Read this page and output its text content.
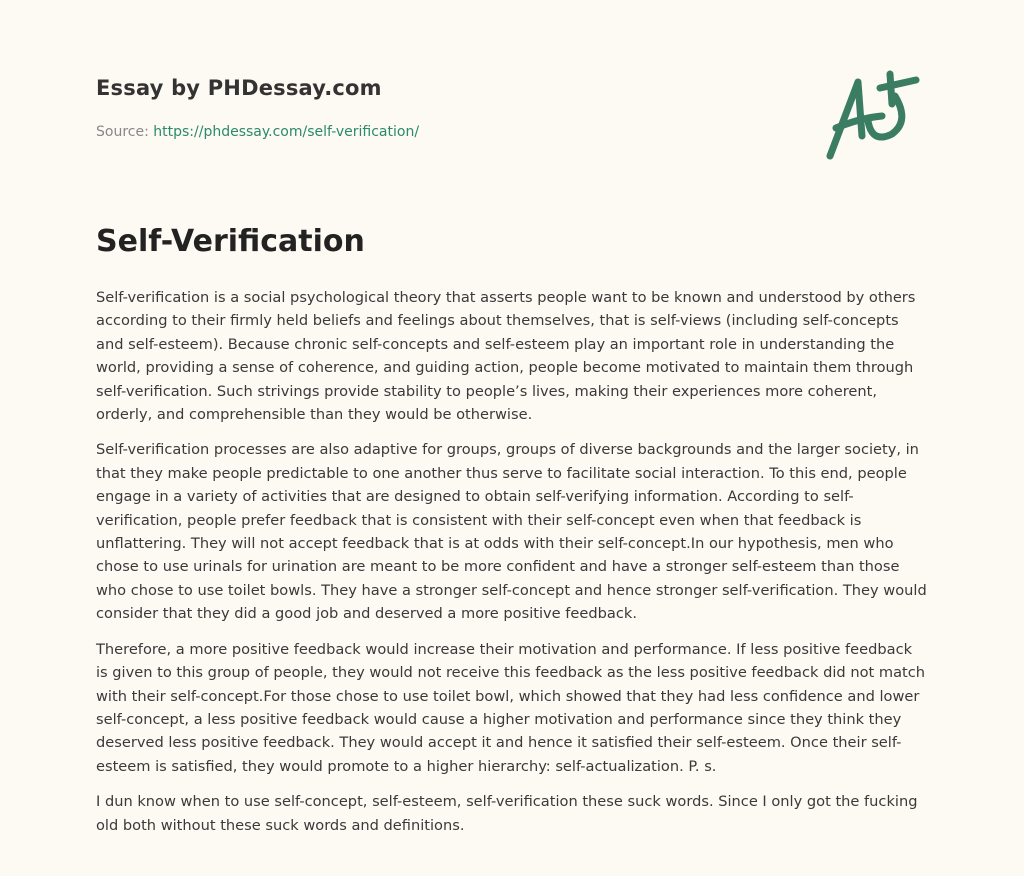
Essay by PHDessay.com
Source: https://phdessay.com/self-verification/
Self-Verification

Self-verification is a social psychological theory that asserts people want to be known and understood by others according to their firmly held beliefs and feelings about themselves, that is self-views (including self-concepts and self-esteem). Because chronic self-concepts and self-esteem play an important role in understanding the world, providing a sense of coherence, and guiding action, people become motivated to maintain them through self-verification. Such strivings provide stability to people’s lives, making their experiences more coherent, orderly, and comprehensible than they would be otherwise.

Self-verification processes are also adaptive for groups, groups of diverse backgrounds and the larger society, in that they make people predictable to one another thus serve to facilitate social interaction. To this end, people engage in a variety of activities that are designed to obtain self-verifying information. According to self-verification, people prefer feedback that is consistent with their self-concept even when that feedback is unflattering. They will not accept feedback that is at odds with their self-concept.In our hypothesis, men who chose to use urinals for urination are meant to be more confident and have a stronger self-esteem than those who chose to use toilet bowls. They have a stronger self-concept and hence stronger self-verification. They would consider that they did a good job and deserved a more positive feedback.

Therefore, a more positive feedback would increase their motivation and performance. If less positive feedback is given to this group of people, they would not receive this feedback as the less positive feedback did not match with their self-concept.For those chose to use toilet bowl, which showed that they had less confidence and lower self-concept, a less positive feedback would cause a higher motivation and performance since they think they deserved less positive feedback. They would accept it and hence it satisfied their self-esteem. Once their self-esteem is satisfied, they would promote to a higher hierarchy: self-actualization. P. s.

I dun know when to use self-concept, self-esteem, self-verification these suck words. Since I only got the fucking old both without these suck words and definitions.
